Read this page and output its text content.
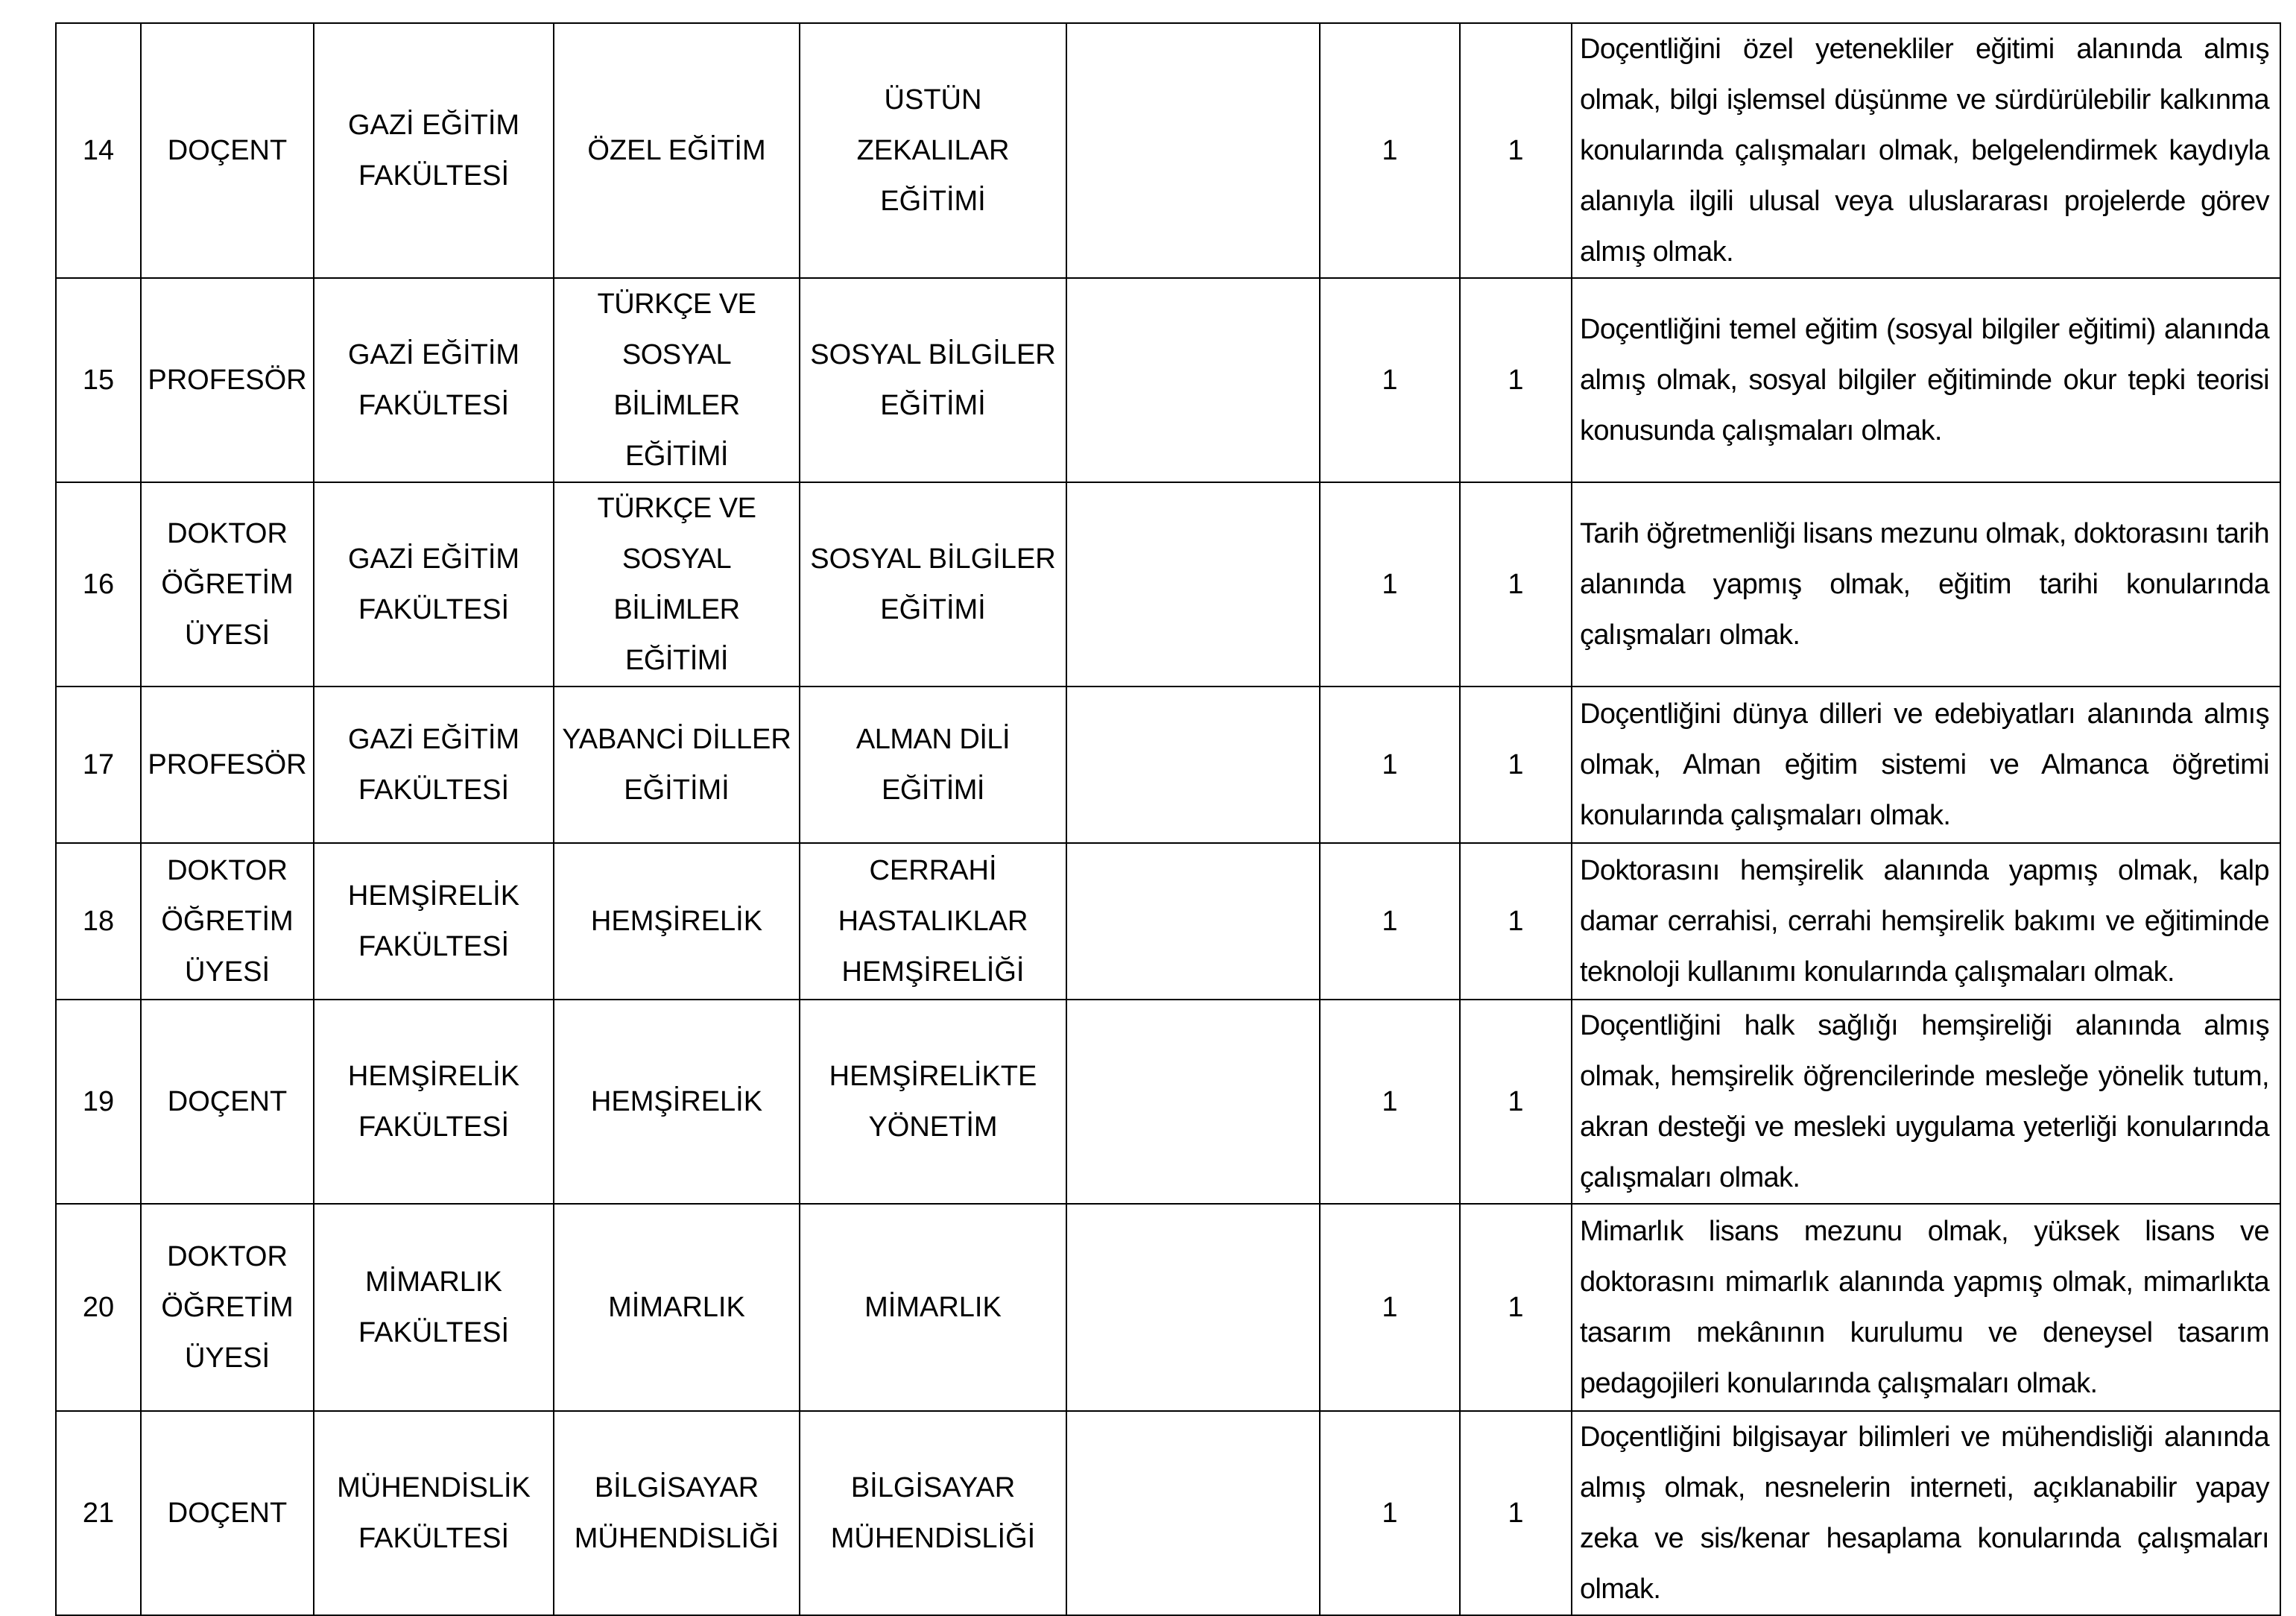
14	DOÇENT	GAZİ EĞİTİM FAKÜLTESİ	ÖZEL EĞİTİM	ÜSTÜN ZEKALILAR EĞİTİMİ		1	1	Doçentliğini özel yetenekliler eğitimi alanında almış olmak, bilgi işlemsel düşünme ve sürdürülebilir kalkınma konularında çalışmaları olmak, belgelendirmek kaydıyla alanıyla ilgili ulusal veya uluslararası projelerde görev almış olmak.
15	PROFESÖR	GAZİ EĞİTİM FAKÜLTESİ	TÜRKÇE VE SOSYAL BİLİMLER EĞİTİMİ	SOSYAL BİLGİLER EĞİTİMİ		1	1	Doçentliğini temel eğitim (sosyal bilgiler eğitimi) alanında almış olmak, sosyal bilgiler eğitiminde okur tepki teorisi konusunda çalışmaları olmak.
16	DOKTOR ÖĞRETİM ÜYESİ	GAZİ EĞİTİM FAKÜLTESİ	TÜRKÇE VE SOSYAL BİLİMLER EĞİTİMİ	SOSYAL BİLGİLER EĞİTİMİ		1	1	Tarih öğretmenliği lisans mezunu olmak, doktorasını tarih alanında yapmış olmak, eğitim tarihi konularında çalışmaları olmak.
17	PROFESÖR	GAZİ EĞİTİM FAKÜLTESİ	YABANCİ DİLLER EĞİTİMİ	ALMAN DİLİ EĞİTİMİ		1	1	Doçentliğini dünya dilleri ve edebiyatları alanında almış olmak, Alman eğitim sistemi ve Almanca öğretimi konularında çalışmaları olmak.
18	DOKTOR ÖĞRETİM ÜYESİ	HEMŞİRELİK FAKÜLTESİ	HEMŞİRELİK	CERRAHİ HASTALIKLAR HEMŞİRELİĞİ		1	1	Doktorasını hemşirelik alanında yapmış olmak, kalp damar cerrahisi, cerrahi hemşirelik bakımı ve eğitiminde teknoloji kullanımı konularında çalışmaları olmak.
19	DOÇENT	HEMŞİRELİK FAKÜLTESİ	HEMŞİRELİK	HEMŞİRELİKTE YÖNETİM		1	1	Doçentliğini halk sağlığı hemşireliği alanında almış olmak, hemşirelik öğrencilerinde mesleğe yönelik tutum, akran desteği ve mesleki uygulama yeterliği konularında çalışmaları olmak.
20	DOKTOR ÖĞRETİM ÜYESİ	MİMARLIK FAKÜLTESİ	MİMARLIK	MİMARLIK		1	1	Mimarlık lisans mezunu olmak, yüksek lisans ve doktorasını mimarlık alanında yapmış olmak, mimarlıkta tasarım mekânının kurulumu ve deneysel tasarım pedagojileri konularında çalışmaları olmak.
21	DOÇENT	MÜHENDİSLİK FAKÜLTESİ	BİLGİSAYAR MÜHENDİSLİĞİ	BİLGİSAYAR MÜHENDİSLİĞİ		1	1	Doçentliğini bilgisayar bilimleri ve mühendisliği alanında almış olmak, nesnelerin interneti, açıklanabilir yapay zeka ve sis/kenar hesaplama konularında çalışmaları olmak.
